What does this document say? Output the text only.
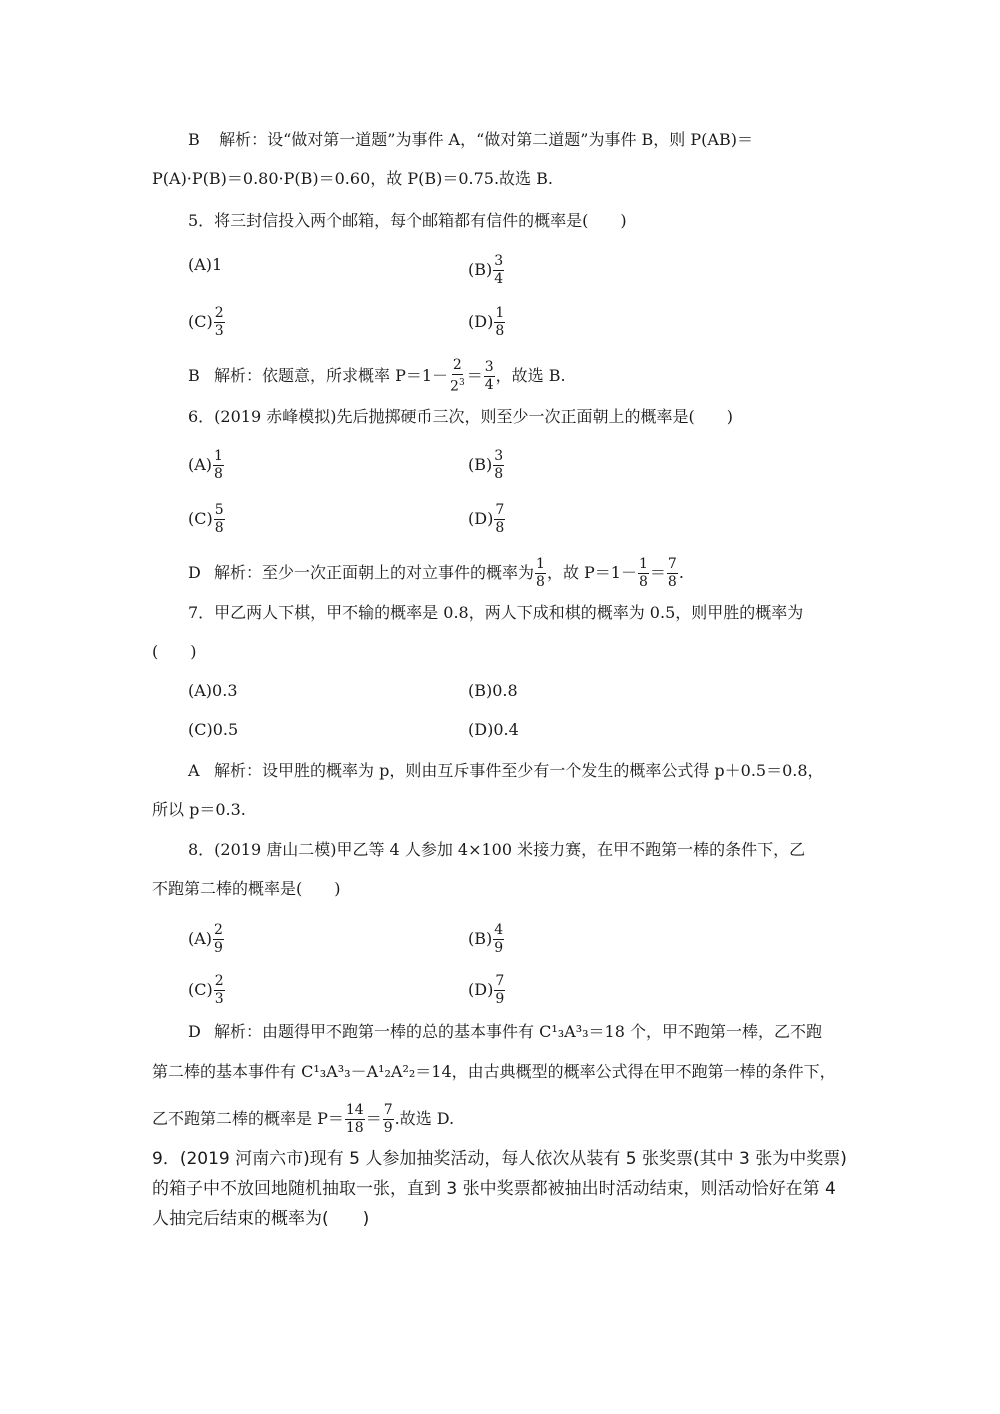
B 解析：设“做对第一道题”为事件 A，“做对第二道题”为事件 B，则 P(AB)＝
P(A)·P(B)＝0.80·P(B)＝0.60，故 P(B)＝0.75.故选 B.
5．将三封信投入两个邮箱，每个邮箱都有信件的概率是(　　)
(A)1	$(B) \frac{3}{4}$
$(C) \frac{2}{3}$	$(D) \frac{1}{8}$
B 解析：依题意，所求概率 $P=1- \frac{2}{2^3} = \frac{3}{4}$ ，故选 B.
6．(2019 赤峰模拟)先后抛掷硬币三次，则至少一次正面朝上的概率是(　　)
$(A) \frac{1}{8}$	$(B) \frac{3}{8}$
$(C) \frac{5}{8}$	$(D) \frac{7}{8}$
D 解析：至少一次正面朝上的对立事件的概率为 $\frac{1}{8}$ ，故 $P=1- \frac{1}{8} = \frac{7}{8}$ .
7．甲乙两人下棋，甲不输的概率是 0.8，两人下成和棋的概率为 0.5，则甲胜的概率为
(　　)
(A)0.3	(B)0.8
(C)0.5	(D)0.4
A 解析：设甲胜的概率为 p，则由互斥事件至少有一个发生的概率公式得 p＋0.5＝0.8，
所以 p＝0.3.
8．(2019 唐山二模)甲乙等 4 人参加 4×100 米接力赛，在甲不跑第一棒的条件下，乙
不跑第二棒的概率是(　　)
$(A) \frac{2}{9}$	$(B) \frac{4}{9}$
$(C) \frac{2}{3}$	$(D) \frac{7}{9}$
D 解析：由题得甲不跑第一棒的总的基本事件有 C¹₃A³₃＝18 个，甲不跑第一棒，乙不跑
第二棒的基本事件有 C¹₃A³₃－A¹₂A²₂＝14，由古典概型的概率公式得在甲不跑第一棒的条件下，
乙不跑第二棒的概率是 $P= \frac{14}{18} = \frac{7}{9}$ .故选 D.
9．(2019 河南六市)现有 5 人参加抽奖活动，每人依次从装有 5 张奖票(其中 3 张为中奖票)
的箱子中不放回地随机抽取一张，直到 3 张中奖票都被抽出时活动结束，则活动恰好在第 4
人抽完后结束的概率为(　　)
